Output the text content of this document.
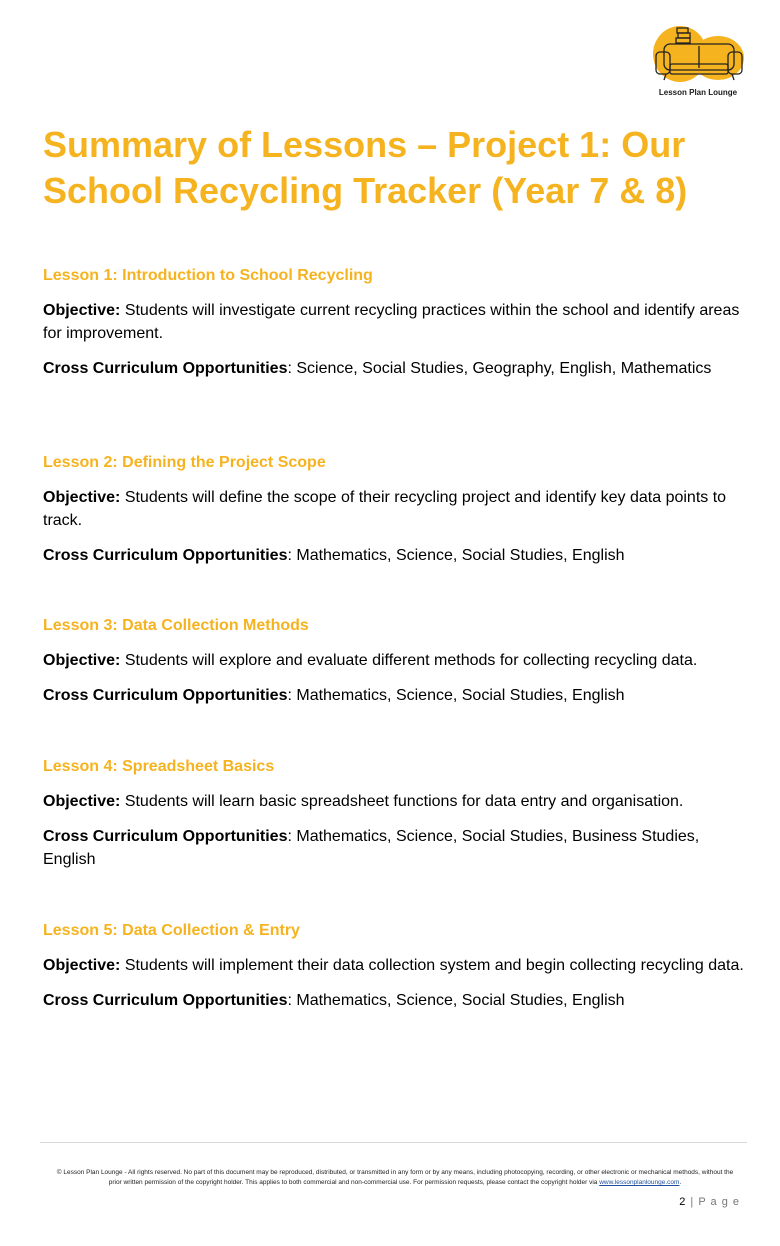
Lesson Plan Lounge
Summary of Lessons – Project 1: Our School Recycling Tracker (Year 7 & 8)
Lesson 1: Introduction to School Recycling

Objective: Students will investigate current recycling practices within the school and identify areas for improvement.

Cross Curriculum Opportunities: Science, Social Studies, Geography, English, Mathematics

Lesson 2: Defining the Project Scope

Objective: Students will define the scope of their recycling project and identify key data points to track.

Cross Curriculum Opportunities: Mathematics, Science, Social Studies, English

Lesson 3: Data Collection Methods

Objective: Students will explore and evaluate different methods for collecting recycling data.

Cross Curriculum Opportunities: Mathematics, Science, Social Studies, English

Lesson 4: Spreadsheet Basics

Objective: Students will learn basic spreadsheet functions for data entry and organisation.

Cross Curriculum Opportunities: Mathematics, Science, Social Studies, Business Studies, English

Lesson 5: Data Collection & Entry

Objective: Students will implement their data collection system and begin collecting recycling data.

Cross Curriculum Opportunities: Mathematics, Science, Social Studies, English

© Lesson Plan Lounge - All rights reserved. No part of this document may be reproduced, distributed, or transmitted in any form or by any means, including photocopying, recording, or other electronic or mechanical methods, without the prior written permission of the copyright holder. This applies to both commercial and non-commercial use. For permission requests, please contact the copyright holder via www.lessonplanlounge.com.
2 | P a g e
